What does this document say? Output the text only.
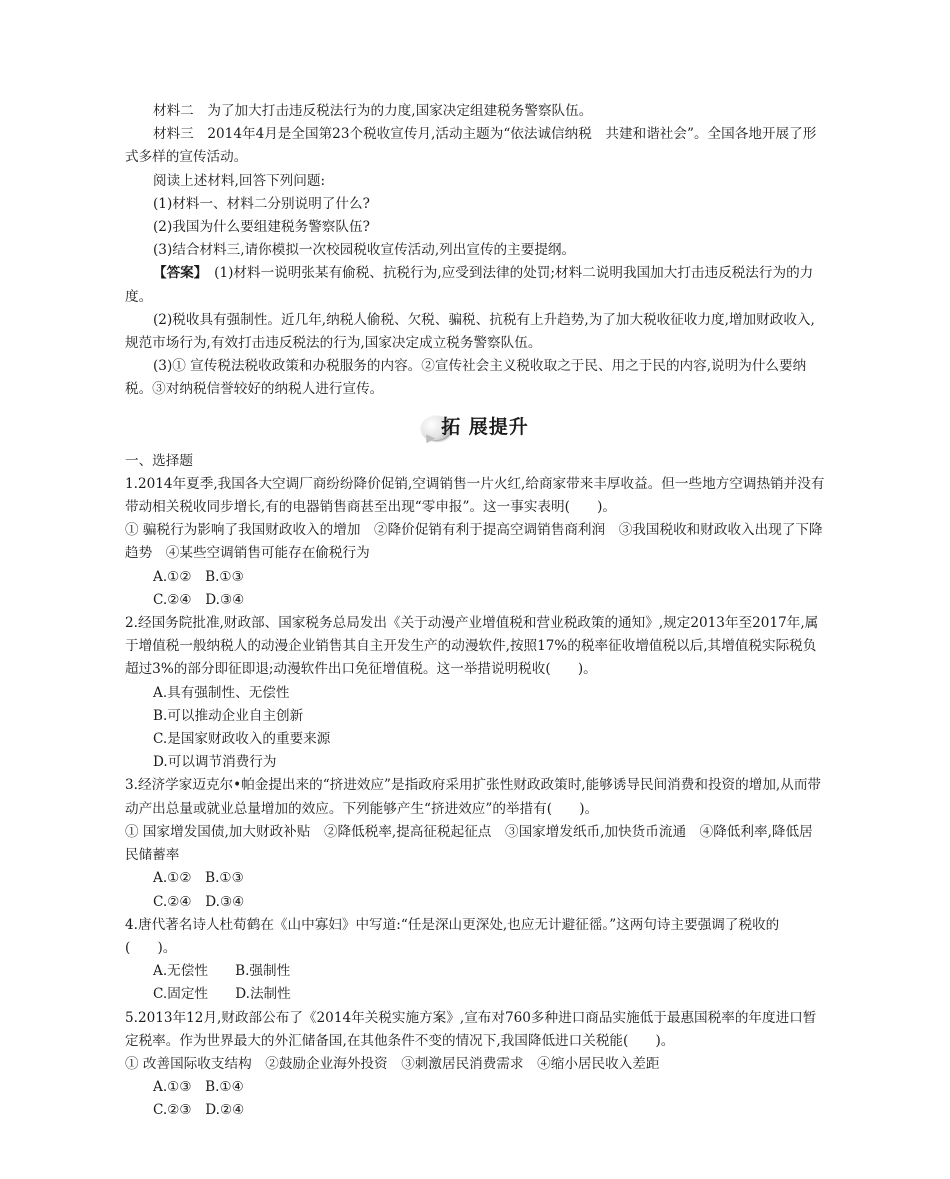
材料二　为了加大打击违反税法行为的力度,国家决定组建税务警察队伍。

材料三　2014年4月是全国第23个税收宣传月,活动主题为“依法诚信纳税　共建和谐社会”。全国各地开展了形式多样的宣传活动。

阅读上述材料,回答下列问题:

(1)材料一、材料二分别说明了什么?

(2)我国为什么要组建税务警察队伍?

(3)结合材料三,请你模拟一次校园税收宣传活动,列出宣传的主要提纲。

【答案】　(1)材料一说明张某有偷税、抗税行为,应受到法律的处罚;材料二说明我国加大打击违反税法行为的力度。

(2)税收具有强制性。近几年,纳税人偷税、欠税、骗税、抗税有上升趋势,为了加大税收征收力度,增加财政收入,规范市场行为,有效打击违反税法的行为,国家决定成立税务警察队伍。

(3)① 宣传税法税收政策和办税服务的内容。②宣传社会主义税收取之于民、用之于民的内容,说明为什么要纳税。③对纳税信誉较好的纳税人进行宣传。

拓 展提升

一、选择题

1.2014年夏季,我国各大空调厂商纷纷降价促销,空调销售一片火红,给商家带来丰厚收益。但一些地方空调热销并没有带动相关税收同步增长,有的电器销售商甚至出现“零申报”。这一事实表明(　　)。

① 骗税行为影响了我国财政收入的增加　②降价促销有利于提高空调销售商利润　③我国税收和财政收入出现了下降趋势　④某些空调销售可能存在偷税行为

A.①②　B.①③

C.②④　D.③④

2.经国务院批准,财政部、国家税务总局发出《关于动漫产业增值税和营业税政策的通知》,规定2013年至2017年,属于增值税一般纳税人的动漫企业销售其自主开发生产的动漫软件,按照17%的税率征收增值税以后,其增值税实际税负超过3%的部分即征即退;动漫软件出口免征增值税。这一举措说明税收(　　)。

A.具有强制性、无偿性

B.可以推动企业自主创新

C.是国家财政收入的重要来源

D.可以调节消费行为

3.经济学家迈克尔•帕金提出来的“挤进效应”是指政府采用扩张性财政政策时,能够诱导民间消费和投资的增加,从而带动产出总量或就业总量增加的效应。下列能够产生“挤进效应”的举措有(　　)。

① 国家增发国债,加大财政补贴　②降低税率,提高征税起征点　③国家增发纸币,加快货币流通　④降低利率,降低居民储蓄率

A.①②　B.①③

C.②④　D.③④

4.唐代著名诗人杜荀鹤在《山中寡妇》中写道:“任是深山更深处,也应无计避征徭。”这两句诗主要强调了税收的(　　)。

A.无偿性　　B.强制性

C.固定性　　D.法制性

5.2013年12月,财政部公布了《2014年关税实施方案》,宣布对760多种进口商品实施低于最惠国税率的年度进口暂定税率。作为世界最大的外汇储备国,在其他条件不变的情况下,我国降低进口关税能(　　)。

① 改善国际收支结构　②鼓励企业海外投资　③刺激居民消费需求　④缩小居民收入差距

A.①③　B.①④

C.②③　D.②④
